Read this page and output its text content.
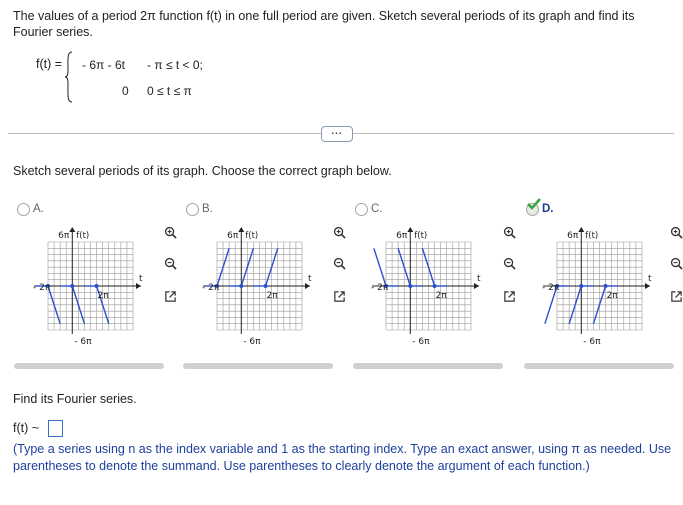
The values of a period 2π function f(t) in one full period are given. Sketch several periods of its graph and find its Fourier series.
f(t) = - 6π - 6t - π ≤ t < 0;
0 0 ≤ t ≤ π
...
Sketch several periods of its graph. Choose the correct graph below.
A.
6π f(t)
- 6π
- 2π
2π
t
B.
6π f(t)
- 6π
- 2π
2π
t
C.
6π f(t)
- 6π
- 2π
2π
t
D.
6π f(t)
- 6π
- 2π
2π
t
Find its Fourier series.
f(t) ~
(Type a series using n as the index variable and 1 as the starting index. Type an exact answer, using π as needed. Use parentheses to denote the summand. Use parentheses to clearly denote the argument of each function.)
